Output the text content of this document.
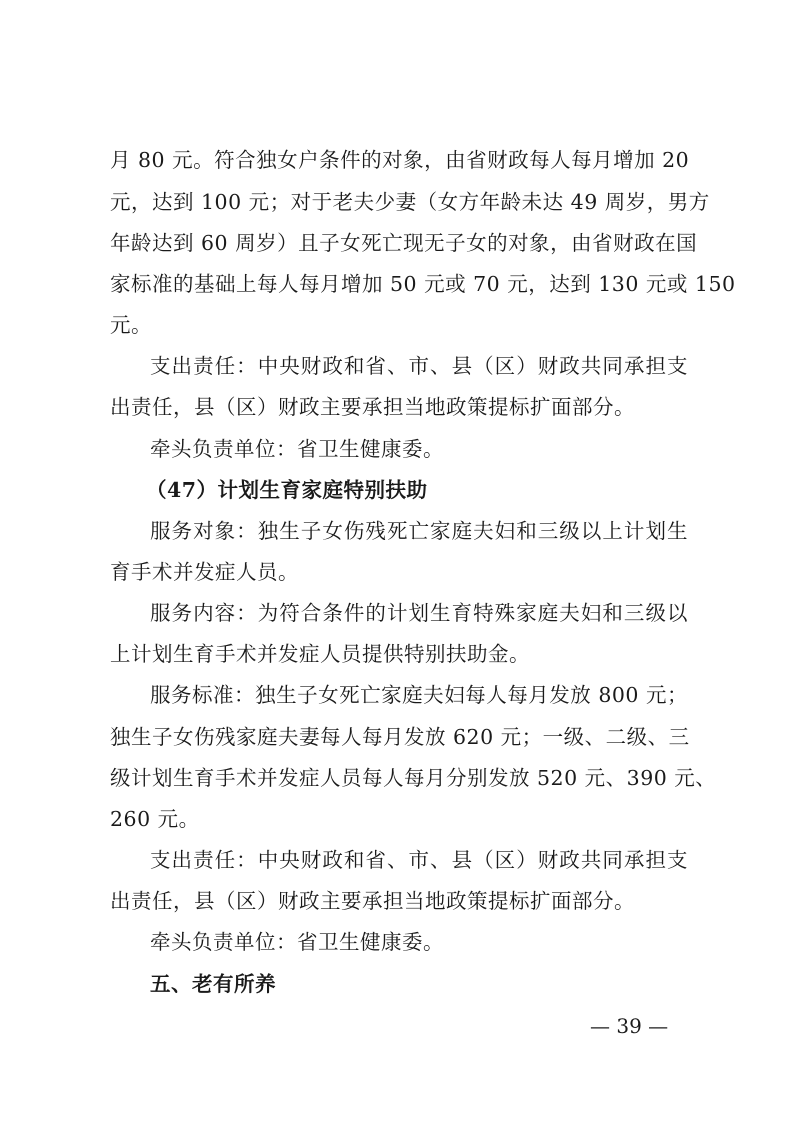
月 80 元。符合独女户条件的对象，由省财政每人每月增加 20
元，达到 100 元；对于老夫少妻（女方年龄未达 49 周岁，男方
年龄达到 60 周岁）且子女死亡现无子女的对象，由省财政在国
家标准的基础上每人每月增加 50 元或 70 元，达到 130 元或 150
元。
支出责任：中央财政和省、市、县（区）财政共同承担支
出责任，县（区）财政主要承担当地政策提标扩面部分。
牵头负责单位：省卫生健康委。
（47）计划生育家庭特别扶助
服务对象：独生子女伤残死亡家庭夫妇和三级以上计划生
育手术并发症人员。
服务内容：为符合条件的计划生育特殊家庭夫妇和三级以
上计划生育手术并发症人员提供特别扶助金。
服务标准：独生子女死亡家庭夫妇每人每月发放 800 元；
独生子女伤残家庭夫妻每人每月发放 620 元；一级、二级、三
级计划生育手术并发症人员每人每月分别发放 520 元、390 元、
260 元。
支出责任：中央财政和省、市、县（区）财政共同承担支
出责任，县（区）财政主要承担当地政策提标扩面部分。
牵头负责单位：省卫生健康委。
五、老有所养
— 39 —
